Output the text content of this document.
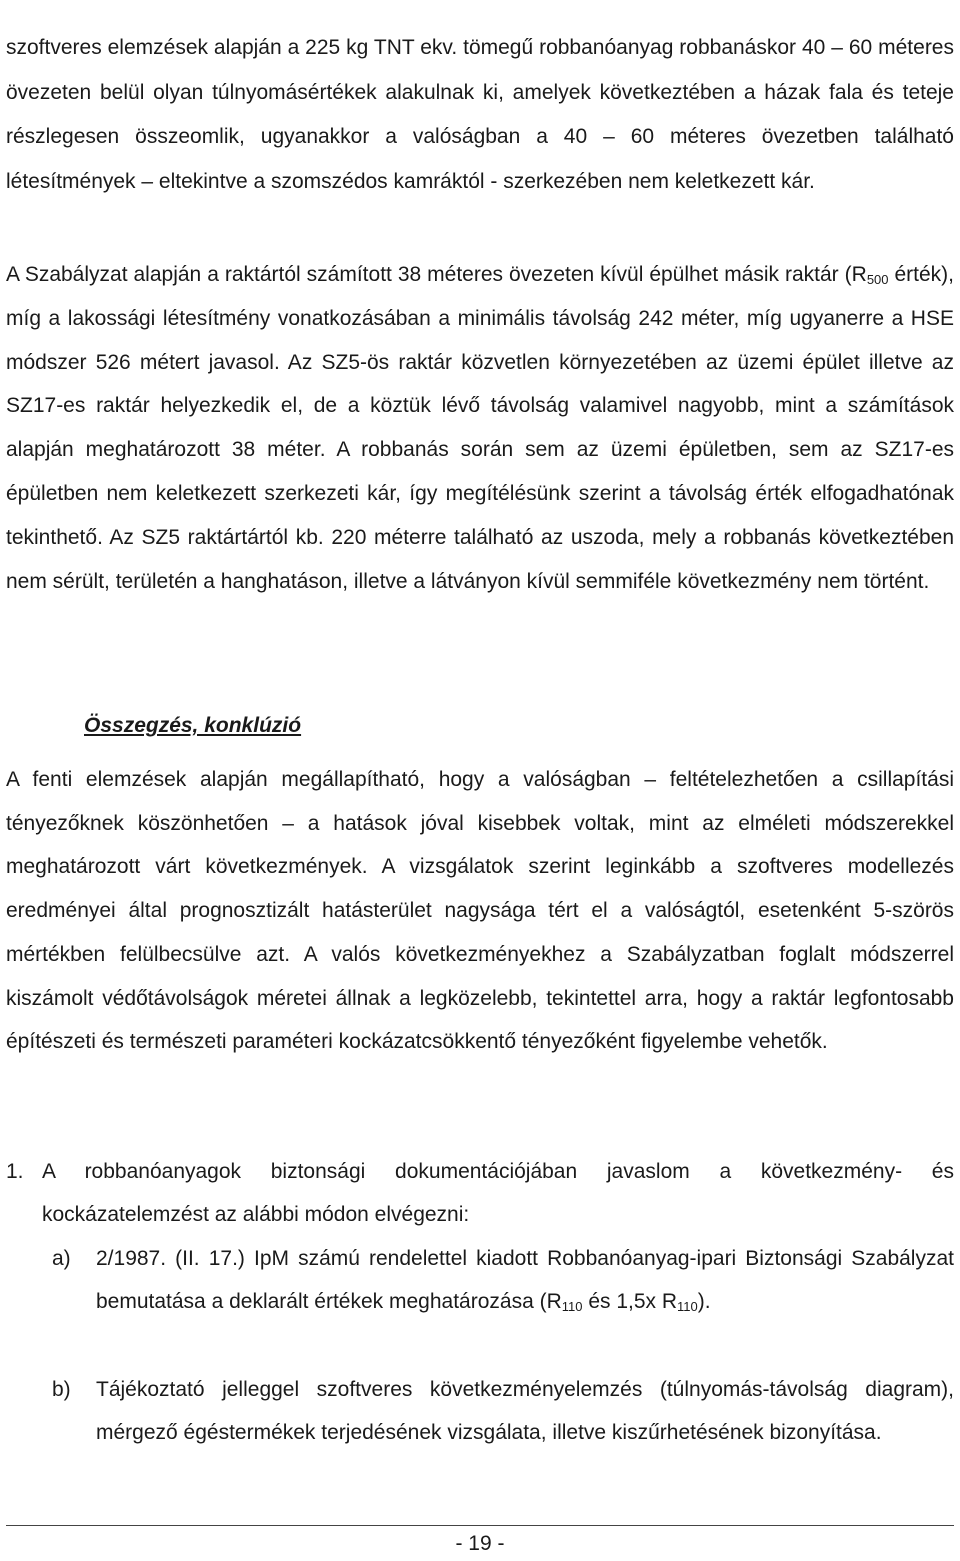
szoftveres elemzések alapján a 225 kg TNT ekv. tömegű robbanóanyag robbanáskor 40 – 60 méteres övezeten belül olyan túlnyomásértékek alakulnak ki, amelyek következtében a házak fala és teteje részlegesen összeomlik, ugyanakkor a valóságban a 40 – 60 méteres övezetben található létesítmények – eltekintve a szomszédos kamráktól - szerkezében nem keletkezett kár.

A Szabályzat alapján a raktártól számított 38 méteres övezeten kívül épülhet másik raktár ($R_{500}$ érték), míg a lakossági létesítmény vonatkozásában a minimális távolság 242 méter, míg ugyanerre a HSE módszer 526 métert javasol. Az SZ5-ös raktár közvetlen környezetében az üzemi épület illetve az SZ17-es raktár helyezkedik el, de a köztük lévő távolság valamivel nagyobb, mint a számítások alapján meghatározott 38 méter. A robbanás során sem az üzemi épületben, sem az SZ17-es épületben nem keletkezett szerkezeti kár, így megítélésünk szerint a távolság érték elfogadhatónak tekinthető. Az SZ5 raktártártól kb. 220 méterre található az uszoda, mely a robbanás következtében nem sérült, területén a hanghatáson, illetve a látványon kívül semmiféle következmény nem történt.

Összegzés, konklúzió

A fenti elemzések alapján megállapítható, hogy a valóságban – feltételezhetően a csillapítási tényezőknek köszönhetően – a hatások jóval kisebbek voltak, mint az elméleti módszerekkel meghatározott várt következmények. A vizsgálatok szerint leginkább a szoftveres modellezés eredményei által prognosztizált hatásterület nagysága tért el a valóságtól, esetenként 5-szörös mértékben felülbecsülve azt. A valós következményekhez a Szabályzatban foglalt módszerrel kiszámolt védőtávolságok méretei állnak a legközelebb, tekintettel arra, hogy a raktár legfontosabb építészeti és természeti paraméteri kockázatcsökkentő tényezőként figyelembe vehetők.

1. A robbanóanyagok biztonsági dokumentációjában javaslom a következmény- és kockázatelemzést az alábbi módon elvégezni:

a)	2/1987. (II. 17.) IpM számú rendelettel kiadott Robbanóanyag-ipari Biztonsági Szabályzat bemutatása a deklarált értékek meghatározása ($R_{110}$ és 1,5x $R_{110}$).

b)	Tájékoztató jelleggel szoftveres következményelemzés (túlnyomás-távolság diagram), mérgező égéstermékek terjedésének vizsgálata, illetve kiszűrhetésének bizonyítása.

- 19 -
